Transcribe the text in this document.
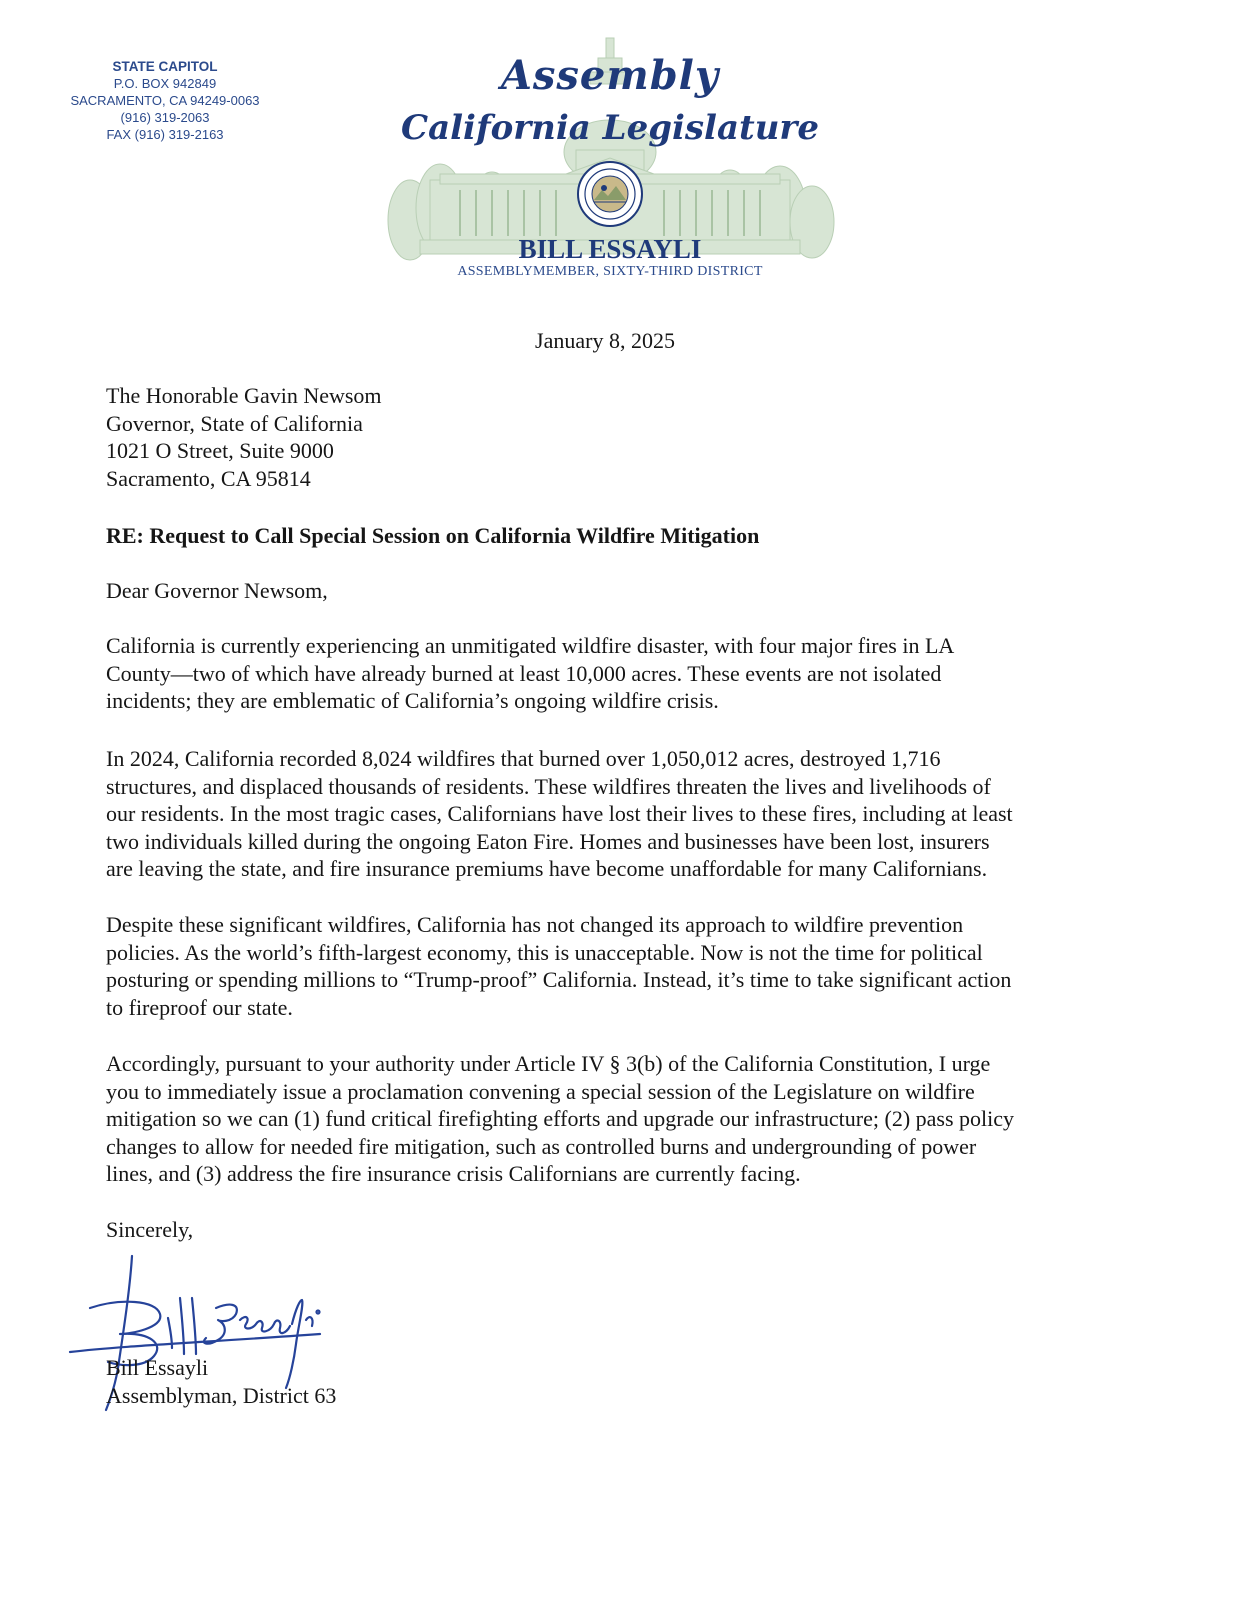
STATE CAPITOL
P.O. BOX 942849
SACRAMENTO, CA 94249-0063
(916) 319-2063
FAX (916) 319-2163
Assembly
California Legislature
BILL ESSAYLI
ASSEMBLYMEMBER, SIXTY-THIRD DISTRICT
January 8, 2025
The Honorable Gavin Newsom
Governor, State of California
1021 O Street, Suite 9000
Sacramento, CA 95814
RE: Request to Call Special Session on California Wildfire Mitigation
Dear Governor Newsom,
California is currently experiencing an unmitigated wildfire disaster, with four major fires in LA
County—two of which have already burned at least 10,000 acres. These events are not isolated
incidents; they are emblematic of California’s ongoing wildfire crisis.
In 2024, California recorded 8,024 wildfires that burned over 1,050,012 acres, destroyed 1,716
structures, and displaced thousands of residents. These wildfires threaten the lives and livelihoods of
our residents. In the most tragic cases, Californians have lost their lives to these fires, including at least
two individuals killed during the ongoing Eaton Fire. Homes and businesses have been lost, insurers
are leaving the state, and fire insurance premiums have become unaffordable for many Californians.
Despite these significant wildfires, California has not changed its approach to wildfire prevention
policies. As the world’s fifth-largest economy, this is unacceptable. Now is not the time for political
posturing or spending millions to “Trump-proof” California. Instead, it’s time to take significant action
to fireproof our state.
Accordingly, pursuant to your authority under Article IV § 3(b) of the California Constitution, I urge
you to immediately issue a proclamation convening a special session of the Legislature on wildfire
mitigation so we can (1) fund critical firefighting efforts and upgrade our infrastructure; (2) pass policy
changes to allow for needed fire mitigation, such as controlled burns and undergrounding of power
lines, and (3) address the fire insurance crisis Californians are currently facing.
Sincerely,
Bill Essayli
Assemblyman, District 63
